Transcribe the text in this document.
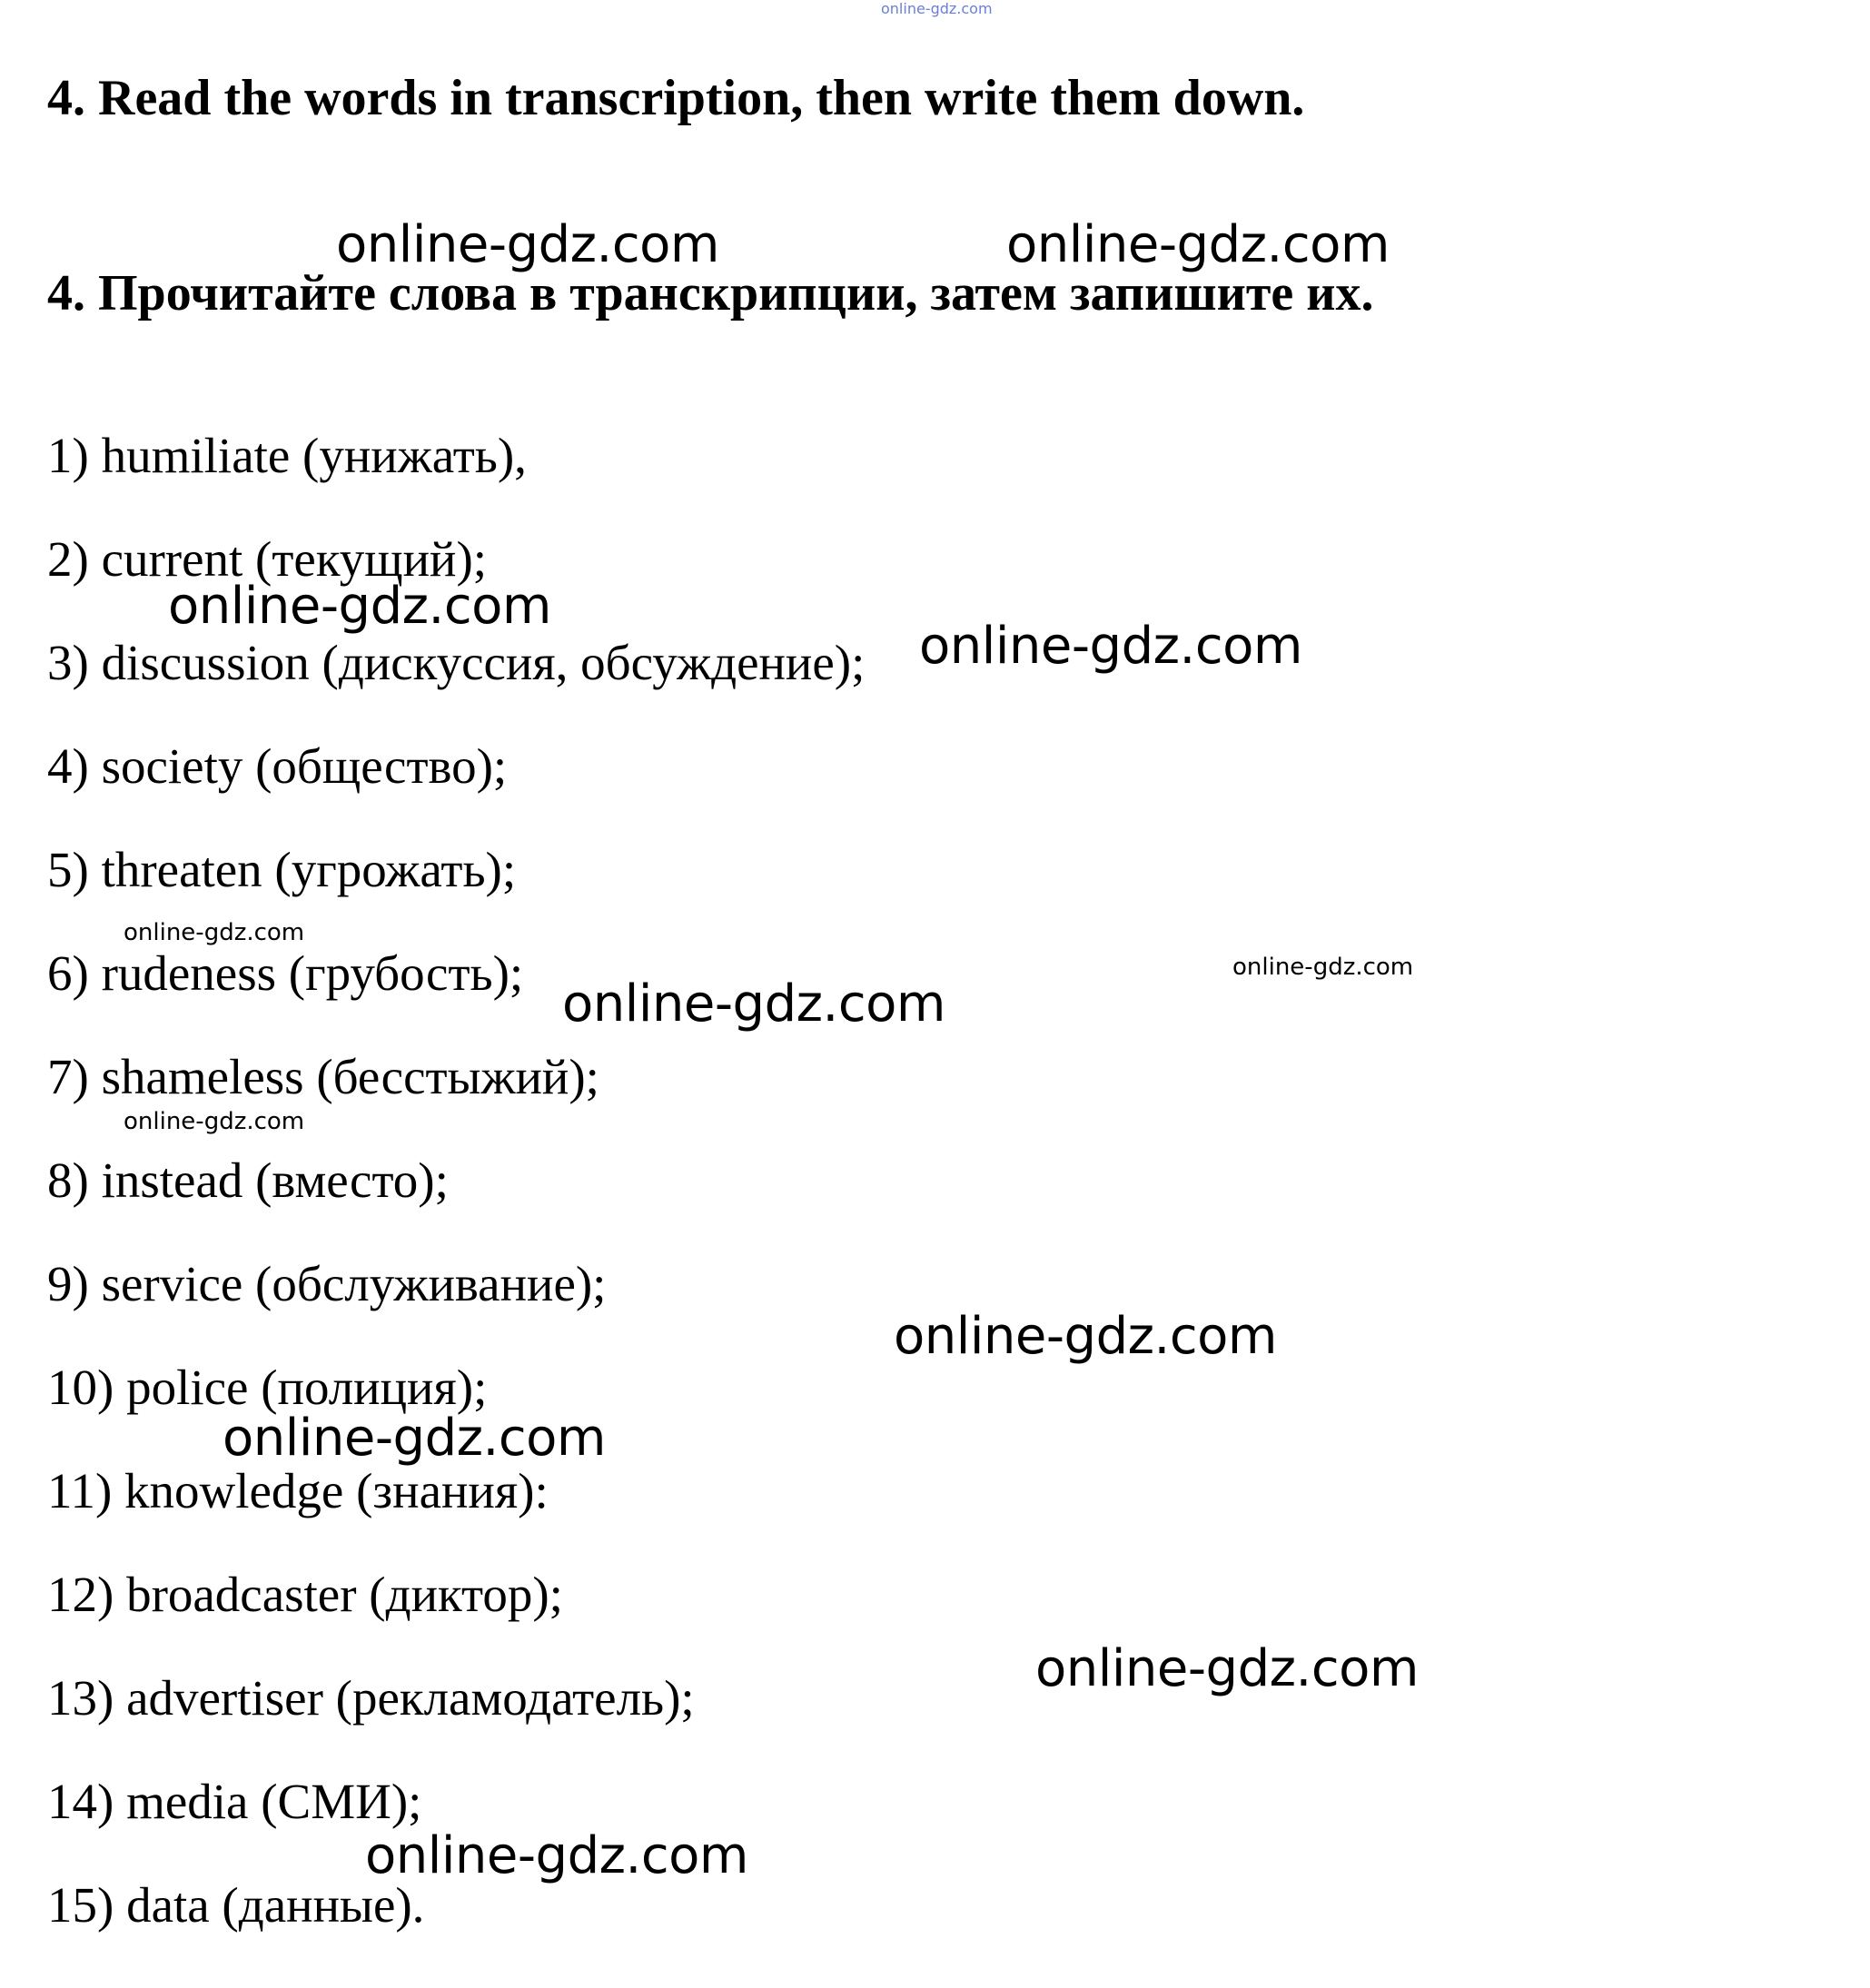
online-gdz.com
4. Read the words in transcription, then write them down.
4. Прочитайте слова в транскрипции, затем запишите их.
1) humiliate (унижать),
2) current (текущий);
3) discussion (дискуссия, обсуждение);
4) society (общество);
5) threaten (угрожать);
6) rudeness (грубость);
7) shameless (бесстыжий);
8) instead (вместо);
9) service (обслуживание);
10) police (полиция);
11) knowledge (знания):
12) broadcaster (диктор);
13) advertiser (рекламодатель);
14) media (СМИ);
15) data (данные).
online-gdz.com	online-gdz.com
online-gdz.com
online-gdz.com
online-gdz.com
online-gdz.com
online-gdz.com
online-gdz.com
online-gdz.com
online-gdz.com
online-gdz.com
online-gdz.com
